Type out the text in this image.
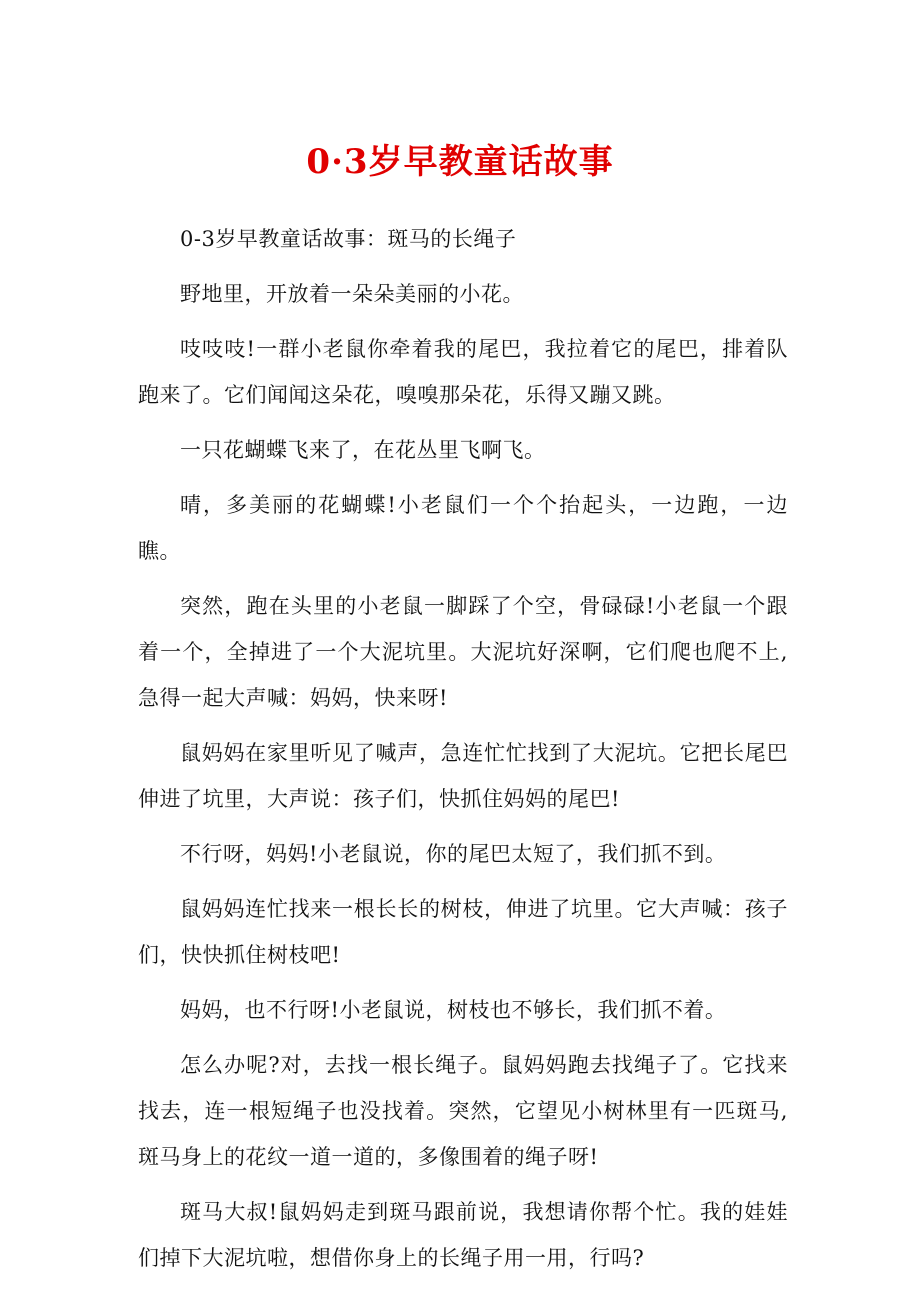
0·3岁早教童话故事

0-3岁早教童话故事：斑马的长绳子

野地里，开放着一朵朵美丽的小花。

吱吱吱!一群小老鼠你牵着我的尾巴，我拉着它的尾巴，排着队跑来了。它们闻闻这朵花，嗅嗅那朵花，乐得又蹦又跳。

一只花蝴蝶飞来了，在花丛里飞啊飞。

晴，多美丽的花蝴蝶!小老鼠们一个个抬起头，一边跑，一边瞧。

突然，跑在头里的小老鼠一脚踩了个空，骨碌碌!小老鼠一个跟着一个，全掉进了一个大泥坑里。大泥坑好深啊，它们爬也爬不上,急得一起大声喊：妈妈，快来呀!

鼠妈妈在家里听见了喊声，急连忙忙找到了大泥坑。它把长尾巴伸进了坑里，大声说：孩子们，快抓住妈妈的尾巴!

不行呀，妈妈!小老鼠说，你的尾巴太短了，我们抓不到。

鼠妈妈连忙找来一根长长的树枝，伸进了坑里。它大声喊：孩子们，快快抓住树枝吧!

妈妈，也不行呀!小老鼠说，树枝也不够长，我们抓不着。

怎么办呢?对，去找一根长绳子。鼠妈妈跑去找绳子了。它找来找去，连一根短绳子也没找着。突然，它望见小树林里有一匹斑马,斑马身上的花纹一道一道的，多像围着的绳子呀!

斑马大叔!鼠妈妈走到斑马跟前说，我想请你帮个忙。我的娃娃们掉下大泥坑啦，想借你身上的长绳子用一用，行吗?
